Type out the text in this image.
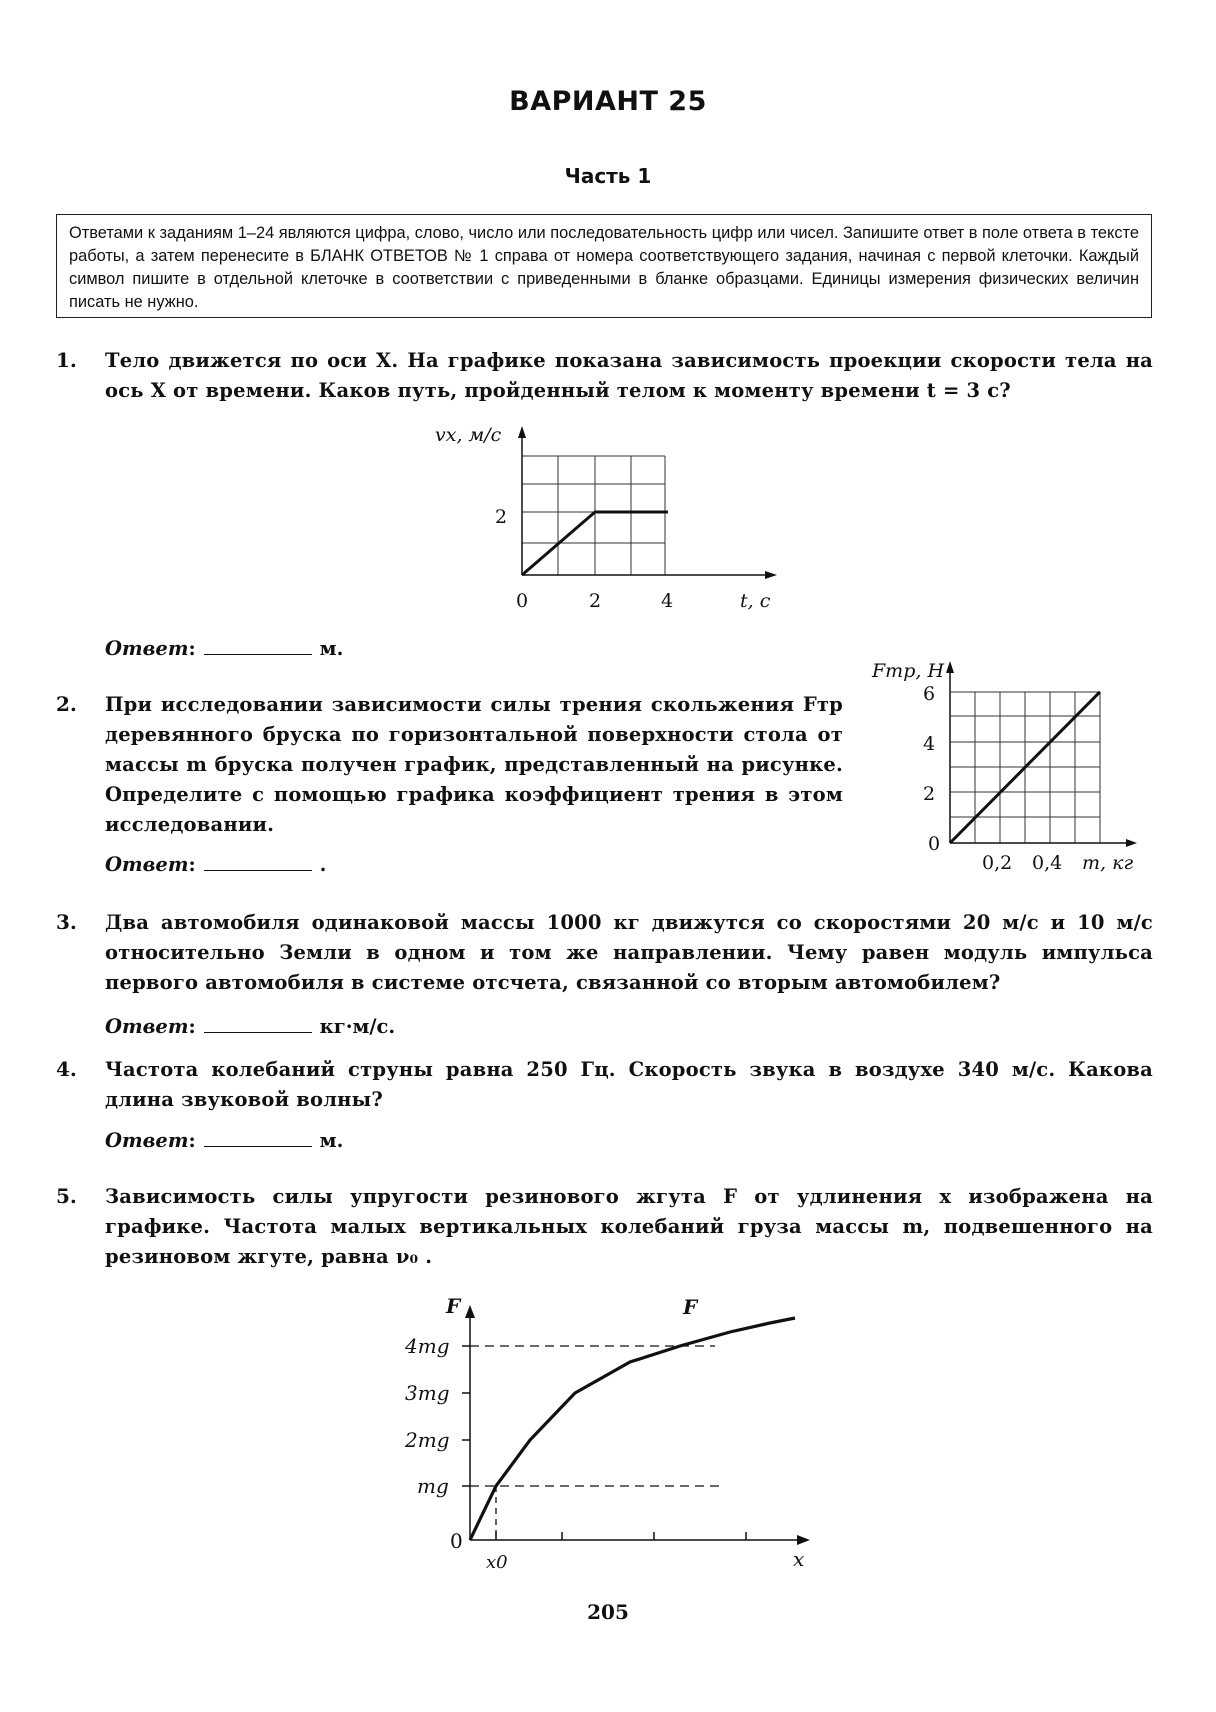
ВАРИАНТ 25
Часть 1
Ответами к заданиям 1–24 являются цифра, слово, число или последовательность цифр или чисел. Запишите ответ в поле ответа в тексте работы, а затем перенесите в БЛАНК ОТВЕТОВ № 1 справа от номера соответствующего задания, начиная с первой клеточки. Каждый символ пишите в отдельной клеточке в соответствии с приведенными в бланке образцами. Единицы измерения физических величин писать не нужно.
1. Тело движется по оси X. На графике показана зависимость проекции скорости тела на ось X от времени. Каков путь, пройденный телом к моменту времени t = 3 с?
vx, м/с
2
0	2	4	t, с
Ответ:	м.
2. При исследовании зависимости силы трения скольжения Fтр деревянного бруска по горизонтальной поверхности стола от массы m бруска получен график, представленный на рисунке. Определите с помощью графика коэффициент трения в этом исследовании.
Fтр, Н
6
4
2
0
0,2 0,4 m, кг
Ответ:	.
3. Два автомобиля одинаковой массы 1000 кг движутся со скоростями 20 м/с и 10 м/с относительно Земли в одном и том же направлении. Чему равен модуль импульса первого автомобиля в системе отсчета, связанной со вторым автомобилем?
Ответ:	кг·м/с.
4. Частота колебаний струны равна 250 Гц. Скорость звука в воздухе 340 м/с. Какова длина звуковой волны?
Ответ:	м.
5. Зависимость силы упругости резинового жгута F от удлинения x изображена на графике. Частота малых вертикальных колебаний груза массы m, подвешенного на резиновом жгуте, равна ν₀ .
F	F
4mg
3mg
2mg
mg
0
x0	x
205
